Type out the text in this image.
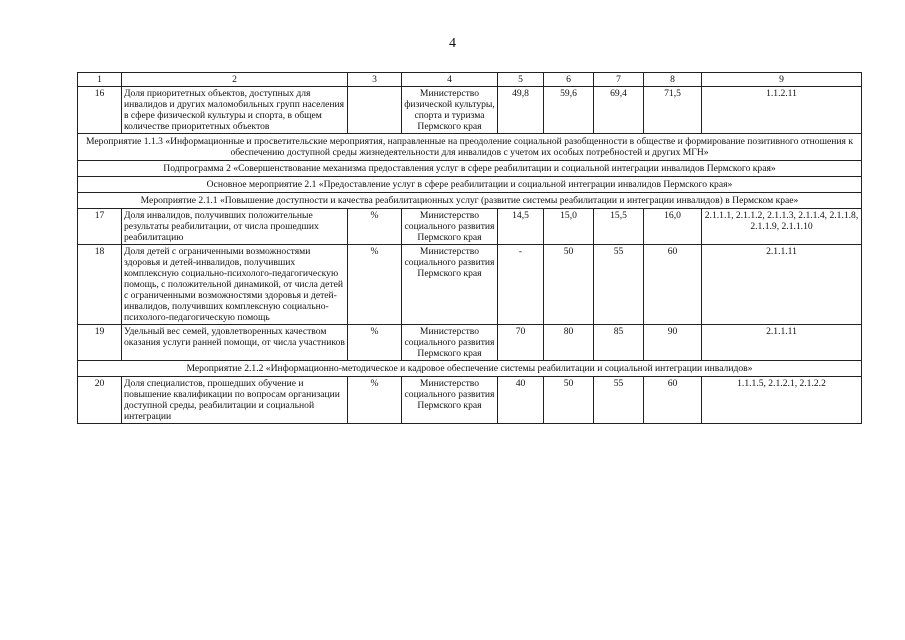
4
1	2	3	4	5	6	7	8	9
16	Доля приоритетных объектов, доступных для инвалидов и других маломобильных групп населения в сфере физической культуры и спорта, в общем количестве приоритетных объектов		Министерство физической культуры, спорта и туризма Пермского края	49,8	59,6	69,4	71,5	1.1.2.11
Мероприятие 1.1.3 «Информационные и просветительские мероприятия, направленные на преодоление социальной разобщенности в обществе и формирование позитивного отношения к обеспечению доступной среды жизнедеятельности для инвалидов с учетом их особых потребностей и других МГН»								
Подпрограмма 2 «Совершенствование механизма предоставления услуг в сфере реабилитации и социальной интеграции инвалидов Пермского края»								
Основное мероприятие 2.1 «Предоставление услуг в сфере реабилитации и социальной интеграции инвалидов Пермского края»								
Мероприятие 2.1.1 «Повышение доступности и качества реабилитационных услуг (развитие системы реабилитации и интеграции инвалидов) в Пермском крае»								
17	Доля инвалидов, получивших положительные результаты реабилитации, от числа прошедших реабилитацию	%	Министерство социального развития Пермского края	14,5	15,0	15,5	16,0	2.1.1.1, 2.1.1.2, 2.1.1.3, 2.1.1.4, 2.1.1.8, 2.1.1.9, 2.1.1.10
18	Доля детей с ограниченными возможностями здоровья и детей-инвалидов, получивших комплексную социально-психолого-педагогическую помощь, с положительной динамикой, от числа детей с ограниченными возможностями здоровья и детей-инвалидов, получивших комплексную социально-психолого-педагогическую помощь	%	Министерство социального развития Пермского края	-	50	55	60	2.1.1.11
19	Удельный вес семей, удовлетворенных качеством оказания услуги ранней помощи, от числа участников	%	Министерство социального развития Пермского края	70	80	85	90	2.1.1.11
Мероприятие 2.1.2 «Информационно-методическое и кадровое обеспечение системы реабилитации и социальной интеграции инвалидов»								
20	Доля специалистов, прошедших обучение и повышение квалификации по вопросам организации доступной среды, реабилитации и социальной интеграции	%	Министерство социального развития Пермского края	40	50	55	60	1.1.1.5, 2.1.2.1, 2.1.2.2
